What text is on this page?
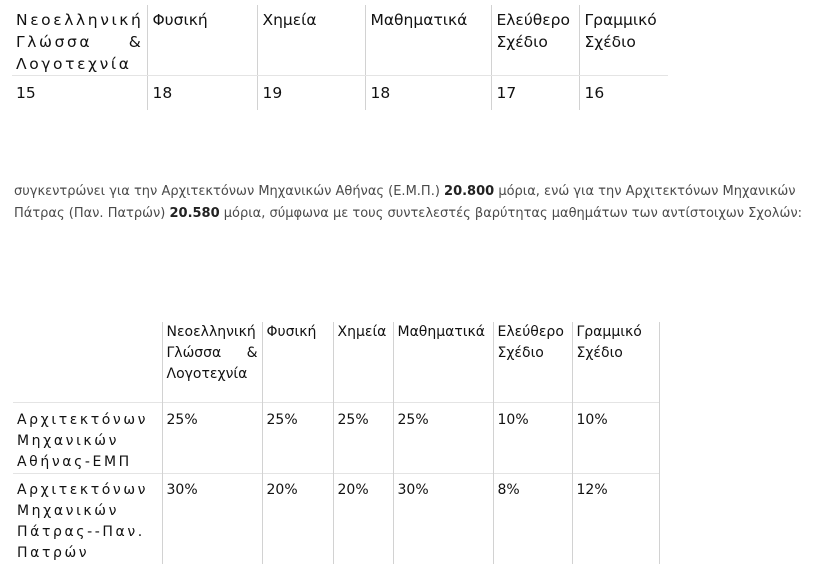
Νεοελληνική Γλώσσα & Λογοτεχνία	Φυσική	Χημεία	Μαθηματικά	Ελεύθερο Σχέδιο	Γραμμικό Σχέδιο
15	18	19	18	17	16
συγκεντρώνει για την Αρχιτεκτόνων Μηχανικών Αθήνας (Ε.Μ.Π.) 20.800 μόρια, ενώ για την Αρχιτεκτόνων Μηχανικών Πάτρας (Παν. Πατρών) 20.580 μόρια, σύμφωνα με τους συντελεστές βαρύτητας μαθημάτων των αντίστοιχων Σχολών:
	Νεοελληνική Γλώσσα & Λογοτεχνία	Φυσική	Χημεία	Μαθηματικά	Ελεύθερο Σχέδιο	Γραμμικό Σχέδιο
Αρχιτεκτόνων Μηχανικών Αθήνας-ΕΜΠ	25%	25%	25%	25%	10%	10%
Αρχιτεκτόνων Μηχανικών Πάτρας--Παν. Πατρών	30%	20%	20%	30%	8%	12%
